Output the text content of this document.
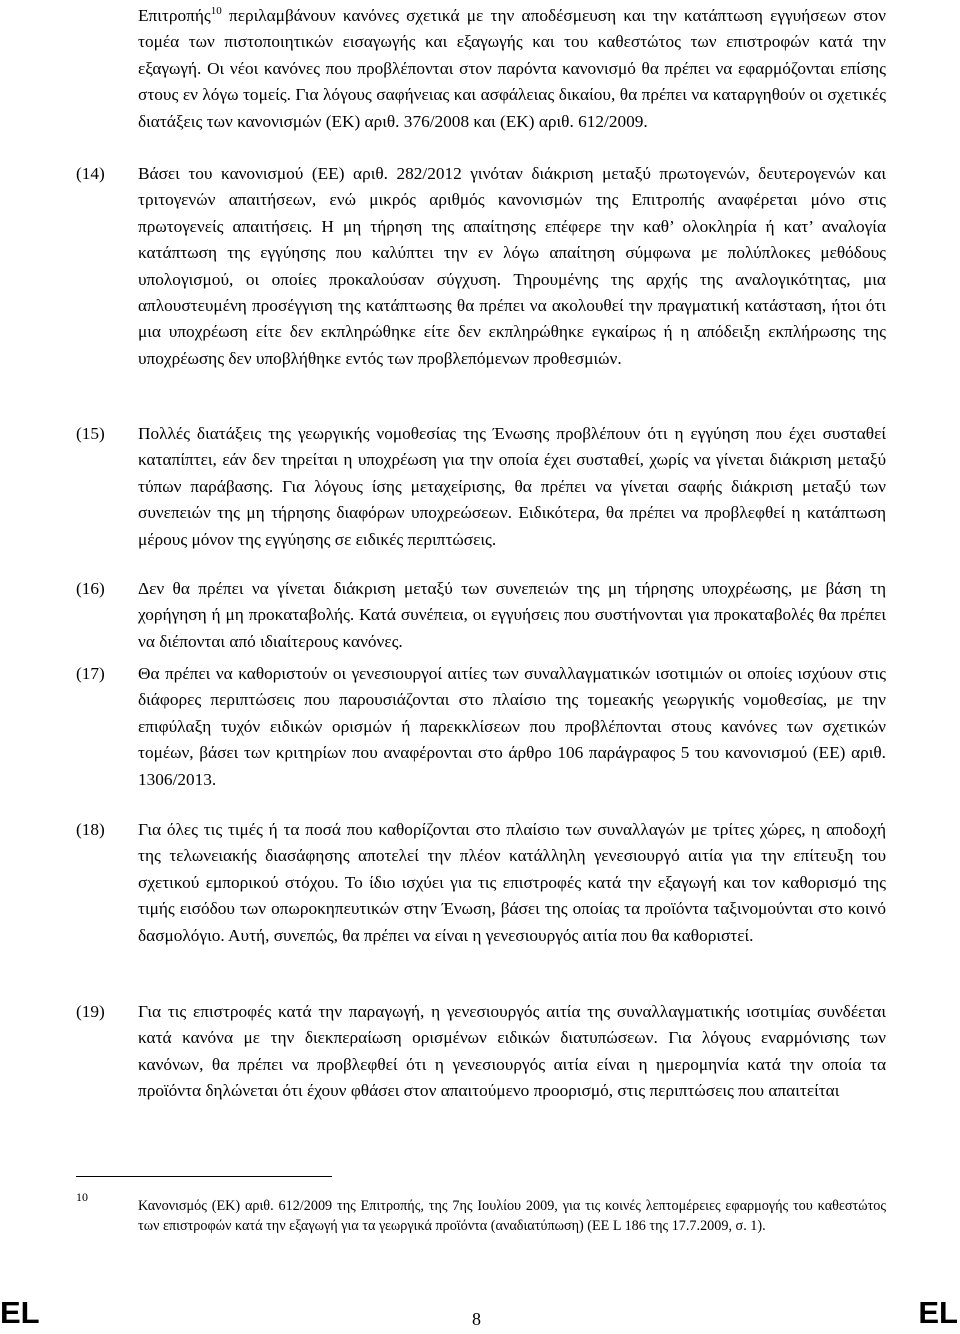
Επιτροπής$^{10}$ περιλαμβάνουν κανόνες σχετικά με την αποδέσμευση και την κατάπτωση εγγυήσεων στον τομέα των πιστοποιητικών εισαγωγής και εξαγωγής και του καθεστώτος των επιστροφών κατά την εξαγωγή. Οι νέοι κανόνες που προβλέπονται στον παρόντα κανονισμό θα πρέπει να εφαρμόζονται επίσης στους εν λόγω τομείς. Για λόγους σαφήνειας και ασφάλειας δικαίου, θα πρέπει να καταργηθούν οι σχετικές διατάξεις των κανονισμών (ΕΚ) αριθ. 376/2008 και (ΕΚ) αριθ. 612/2009.

(14) Βάσει του κανονισμού (ΕΕ) αριθ. 282/2012 γινόταν διάκριση μεταξύ πρωτογενών, δευτερογενών και τριτογενών απαιτήσεων, ενώ μικρός αριθμός κανονισμών της Επιτροπής αναφέρεται μόνο στις πρωτογενείς απαιτήσεις. Η μη τήρηση της απαίτησης επέφερε την καθ’ ολοκληρία ή κατ’ αναλογία κατάπτωση της εγγύησης που καλύπτει την εν λόγω απαίτηση σύμφωνα με πολύπλοκες μεθόδους υπολογισμού, οι οποίες προκαλούσαν σύγχυση. Τηρουμένης της αρχής της αναλογικότητας, μια απλουστευμένη προσέγγιση της κατάπτωσης θα πρέπει να ακολουθεί την πραγματική κατάσταση, ήτοι ότι μια υποχρέωση είτε δεν εκπληρώθηκε είτε δεν εκπληρώθηκε εγκαίρως ή η απόδειξη εκπλήρωσης της υποχρέωσης δεν υποβλήθηκε εντός των προβλεπόμενων προθεσμιών.

(15) Πολλές διατάξεις της γεωργικής νομοθεσίας της Ένωσης προβλέπουν ότι η εγγύηση που έχει συσταθεί καταπίπτει, εάν δεν τηρείται η υποχρέωση για την οποία έχει συσταθεί, χωρίς να γίνεται διάκριση μεταξύ τύπων παράβασης. Για λόγους ίσης μεταχείρισης, θα πρέπει να γίνεται σαφής διάκριση μεταξύ των συνεπειών της μη τήρησης διαφόρων υποχρεώσεων. Ειδικότερα, θα πρέπει να προβλεφθεί η κατάπτωση μέρους μόνον της εγγύησης σε ειδικές περιπτώσεις.

(16) Δεν θα πρέπει να γίνεται διάκριση μεταξύ των συνεπειών της μη τήρησης υποχρέωσης, με βάση τη χορήγηση ή μη προκαταβολής. Κατά συνέπεια, οι εγγυήσεις που συστήνονται για προκαταβολές θα πρέπει να διέπονται από ιδιαίτερους κανόνες.

(17) Θα πρέπει να καθοριστούν οι γενεσιουργοί αιτίες των συναλλαγματικών ισοτιμιών οι οποίες ισχύουν στις διάφορες περιπτώσεις που παρουσιάζονται στο πλαίσιο της τομεακής γεωργικής νομοθεσίας, με την επιφύλαξη τυχόν ειδικών ορισμών ή παρεκκλίσεων που προβλέπονται στους κανόνες των σχετικών τομέων, βάσει των κριτηρίων που αναφέρονται στο άρθρο 106 παράγραφος 5 του κανονισμού (ΕΕ) αριθ. 1306/2013.

(18) Για όλες τις τιμές ή τα ποσά που καθορίζονται στο πλαίσιο των συναλλαγών με τρίτες χώρες, η αποδοχή της τελωνειακής διασάφησης αποτελεί την πλέον κατάλληλη γενεσιουργό αιτία για την επίτευξη του σχετικού εμπορικού στόχου. Το ίδιο ισχύει για τις επιστροφές κατά την εξαγωγή και τον καθορισμό της τιμής εισόδου των οπωροκηπευτικών στην Ένωση, βάσει της οποίας τα προϊόντα ταξινομούνται στο κοινό δασμολόγιο. Αυτή, συνεπώς, θα πρέπει να είναι η γενεσιουργός αιτία που θα καθοριστεί.

(19) Για τις επιστροφές κατά την παραγωγή, η γενεσιουργός αιτία της συναλλαγματικής ισοτιμίας συνδέεται κατά κανόνα με την διεκπεραίωση ορισμένων ειδικών διατυπώσεων. Για λόγους εναρμόνισης των κανόνων, θα πρέπει να προβλεφθεί ότι η γενεσιουργός αιτία είναι η ημερομηνία κατά την οποία τα προϊόντα δηλώνεται ότι έχουν φθάσει στον απαιτούμενο προορισμό, στις περιπτώσεις που απαιτείται

10

Κανονισμός (ΕΚ) αριθ. 612/2009 της Επιτροπής, της 7ης Ιουλίου 2009, για τις κοινές λεπτομέρειες εφαρμογής του καθεστώτος των επιστροφών κατά την εξαγωγή για τα γεωργικά προϊόντα (αναδιατύπωση) (ΕΕ L 186 της 17.7.2009, σ. 1).

EL	8	EL
